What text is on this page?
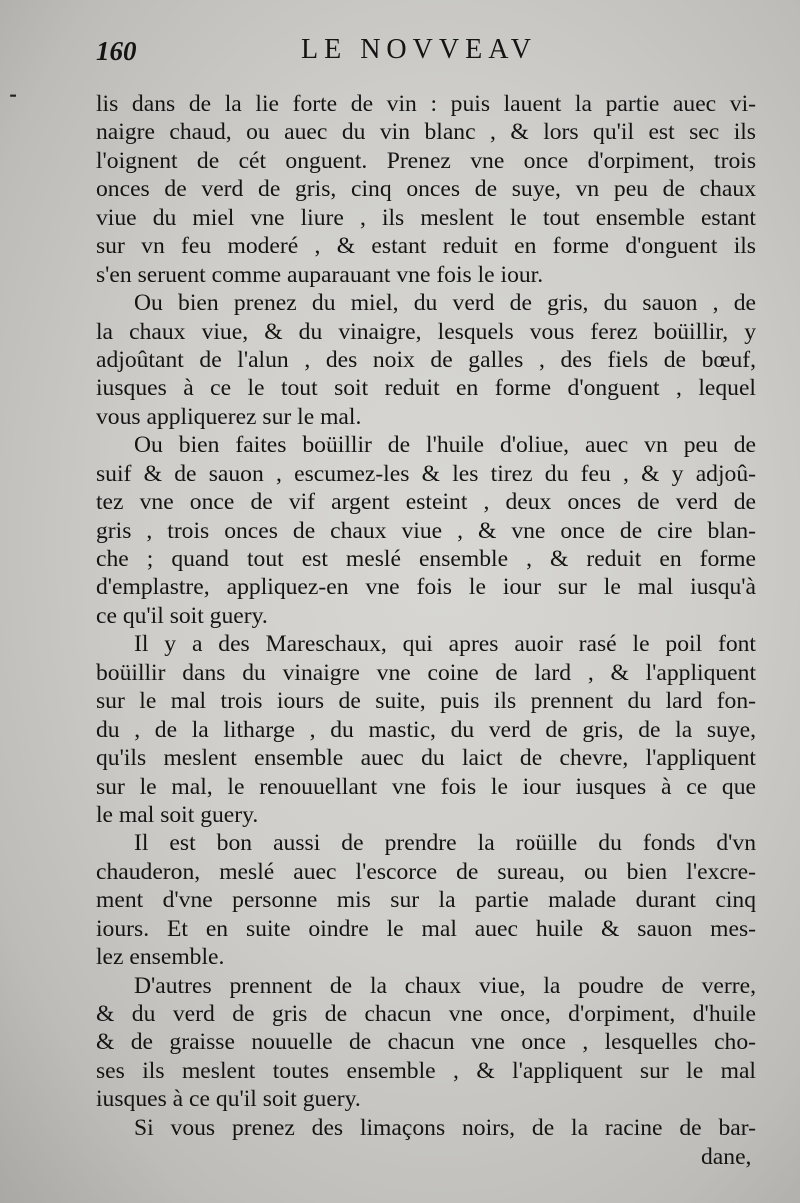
160	LE NOVVEAV
⁃	lis dans de la lie forte de vin : puis lauent la partie auec vi-
naigre chaud, ou auec du vin blanc , & lors qu'il est sec ils
l'oignent de cét onguent. Prenez vne once d'orpiment, trois
onces de verd de gris, cinq onces de suye, vn peu de chaux
viue du miel vne liure , ils meslent le tout ensemble estant
sur vn feu moderé , & estant reduit en forme d'onguent ils
s'en seruent comme auparauant vne fois le iour.
Ou bien prenez du miel, du verd de gris, du sauon , de
la chaux viue, & du vinaigre, lesquels vous ferez boüillir, y
adjoûtant de l'alun , des noix de galles , des fiels de bœuf,
iusques à ce le tout soit reduit en forme d'onguent , lequel
vous appliquerez sur le mal.
Ou bien faites boüillir de l'huile d'oliue, auec vn peu de
suif & de sauon , escumez-les & les tirez du feu , & y adjoû-
tez vne once de vif argent esteint , deux onces de verd de
gris , trois onces de chaux viue , & vne once de cire blan-
che ; quand tout est meslé ensemble , & reduit en forme
d'emplastre, appliquez-en vne fois le iour sur le mal iusqu'à
ce qu'il soit guery.
Il y a des Mareschaux, qui apres auoir rasé le poil font
boüillir dans du vinaigre vne coine de lard , & l'appliquent
sur le mal trois iours de suite, puis ils prennent du lard fon-
du , de la litharge , du mastic, du verd de gris, de la suye,
qu'ils meslent ensemble auec du laict de chevre, l'appliquent
sur le mal, le renouuellant vne fois le iour iusques à ce que
le mal soit guery.
Il est bon aussi de prendre la roüille du fonds d'vn
chauderon, meslé auec l'escorce de sureau, ou bien l'excre-
ment d'vne personne mis sur la partie malade durant cinq
iours. Et en suite oindre le mal auec huile & sauon mes-
lez ensemble.
D'autres prennent de la chaux viue, la poudre de verre,
& du verd de gris de chacun vne once, d'orpiment, d'huile
& de graisse nouuelle de chacun vne once , lesquelles cho-
ses ils meslent toutes ensemble , & l'appliquent sur le mal
iusques à ce qu'il soit guery.
Si vous prenez des limaçons noirs, de la racine de bar-
dane,
